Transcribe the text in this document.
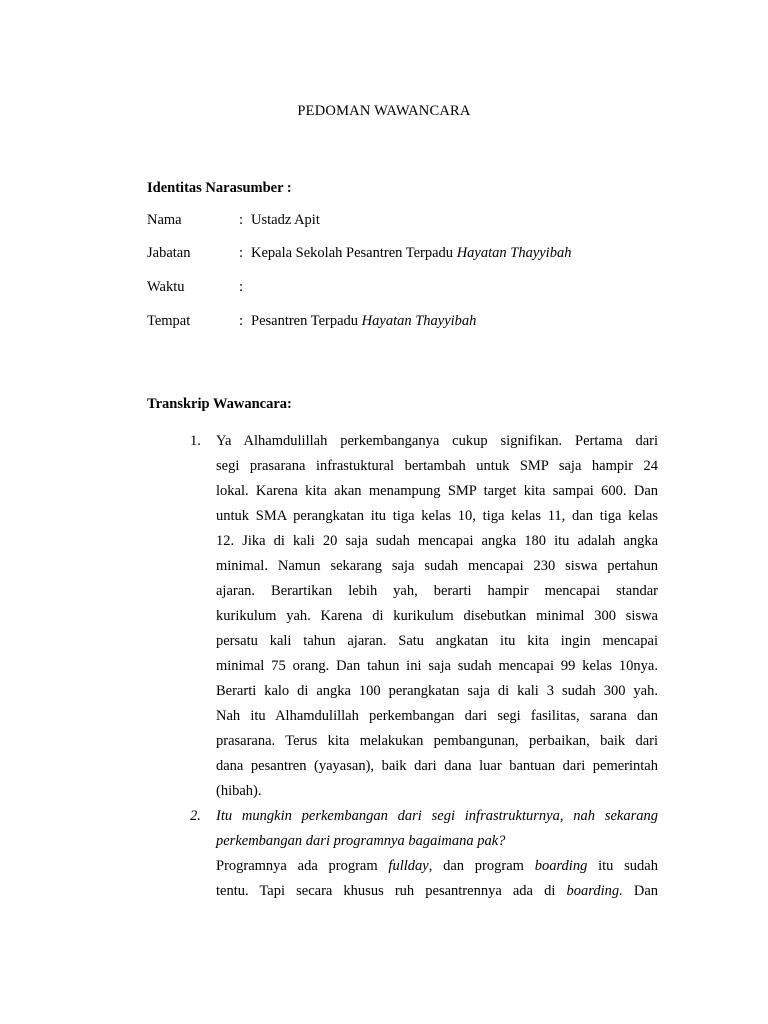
PEDOMAN WAWANCARA
Identitas Narasumber :
Nama	: Ustadz Apit
Jabatan	: Kepala Sekolah Pesantren Terpadu Hayatan Thayyibah
Waktu	:
Tempat	: Pesantren Terpadu Hayatan Thayyibah
Transkrip Wawancara:
1.	Ya Alhamdulillah perkembanganya cukup signifikan. Pertama dari
segi prasarana infrastuktural bertambah untuk SMP saja hampir 24
lokal. Karena kita akan menampung SMP target kita sampai 600. Dan
untuk SMA perangkatan itu tiga kelas 10, tiga kelas 11, dan tiga kelas
12. Jika di kali 20 saja sudah mencapai angka 180 itu adalah angka
minimal. Namun sekarang saja sudah mencapai 230 siswa pertahun
ajaran. Berartikan lebih yah, berarti hampir mencapai standar
kurikulum yah. Karena di kurikulum disebutkan minimal 300 siswa
persatu kali tahun ajaran. Satu angkatan itu kita ingin mencapai
minimal 75 orang. Dan tahun ini saja sudah mencapai 99 kelas 10nya.
Berarti kalo di angka 100 perangkatan saja di kali 3 sudah 300 yah.
Nah itu Alhamdulillah perkembangan dari segi fasilitas, sarana dan
prasarana. Terus kita melakukan pembangunan, perbaikan, baik dari
dana pesantren (yayasan), baik dari dana luar bantuan dari pemerintah
(hibah).
2.	Itu mungkin perkembangan dari segi infrastrukturnya, nah sekarang
perkembangan dari programnya bagaimana pak?
Programnya ada program fullday, dan program boarding itu sudah
tentu. Tapi secara khusus ruh pesantrennya ada di boarding. Dan
